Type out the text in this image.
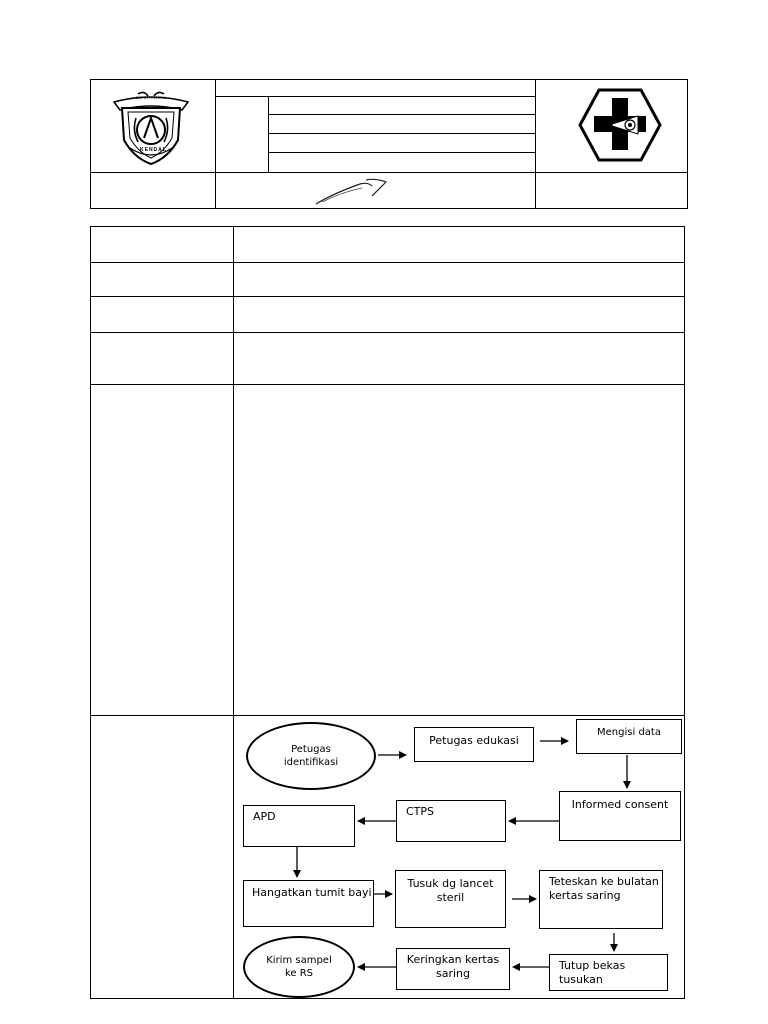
BUPATI KENDAL
KENDAL
Petugas
identifikasi
Petugas edukasi
Mengisi data
Informed consent
CTPS
APD
Hangatkan tumit bayi
Tusuk dg lancet
steril
Teteskan ke bulatan
kertas saring
Tutup bekas
tusukan
Keringkan kertas
saring
Kirim sampel
ke RS
